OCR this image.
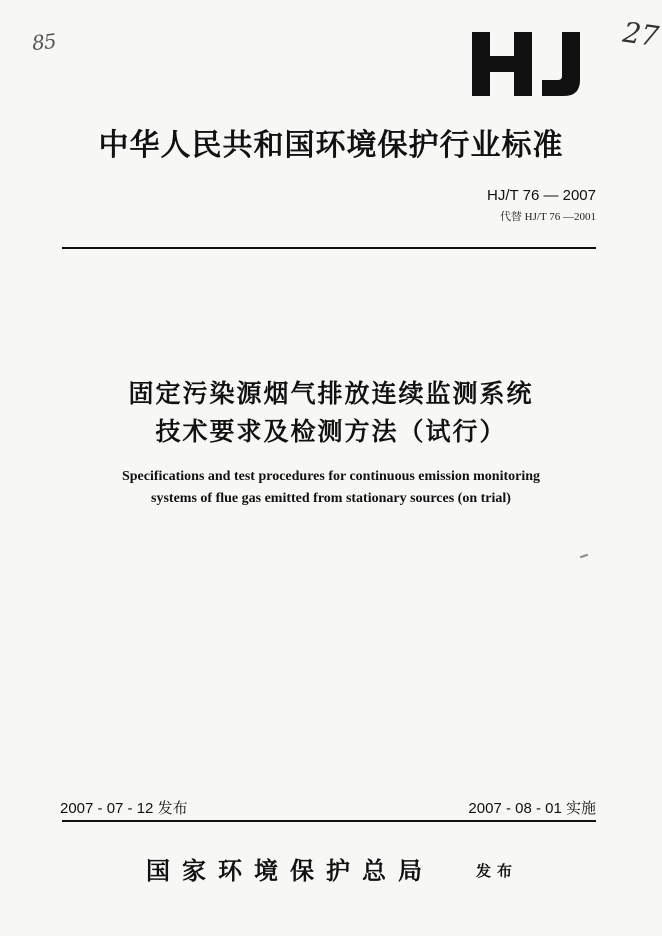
85	27
中华人民共和国环境保护行业标准
HJ/T 76 — 2007
代替 HJ/T 76 —2001
固定污染源烟气排放连续监测系统
技术要求及检测方法（试行）
Specifications and test procedures for continuous emission monitoring
systems of flue gas emitted from stationary sources (on trial)
2007 - 07 - 12 发布	2007 - 08 - 01 实施
国家环境保护总局	发布
